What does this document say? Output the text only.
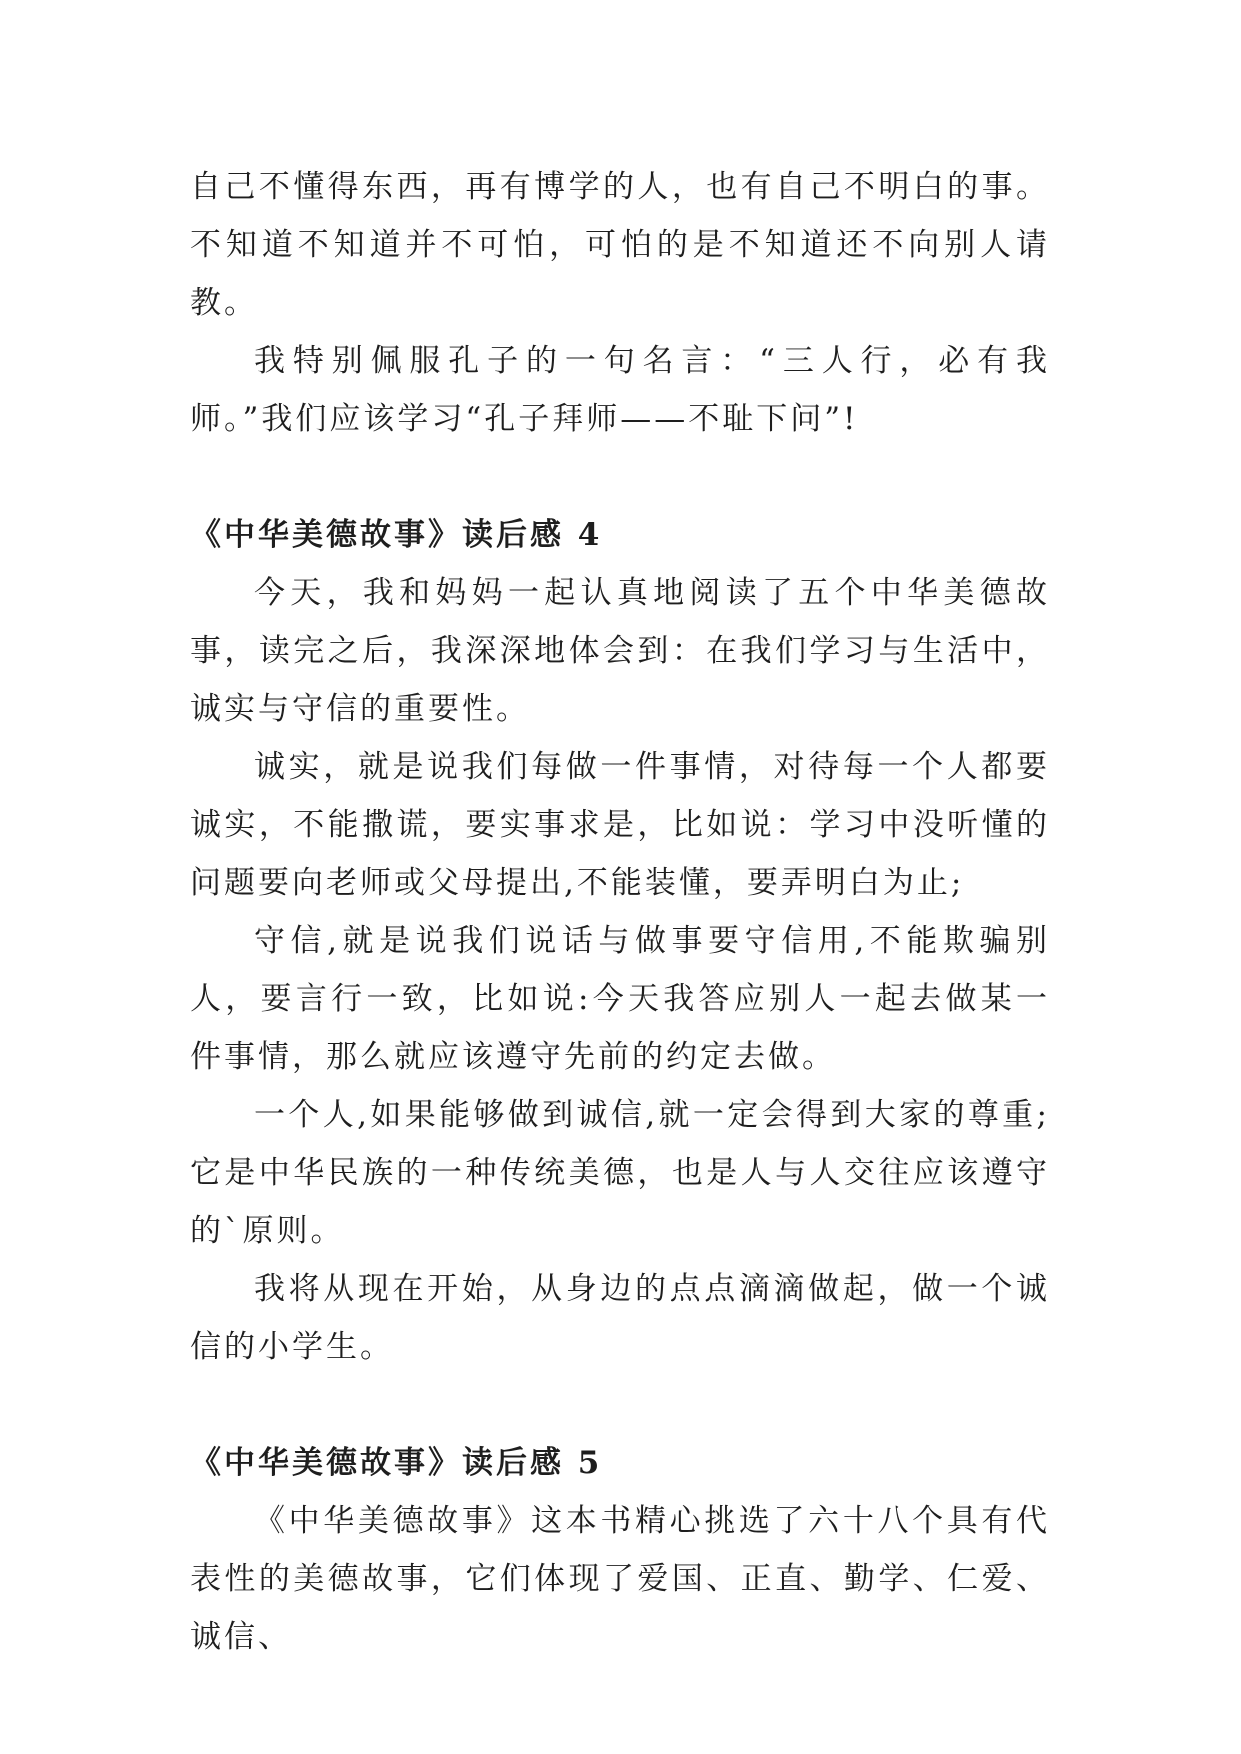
自己不懂得东西，再有博学的人，也有自己不明白的事。不知道不知道并不可怕，可怕的是不知道还不向别人请教。

我特别佩服孔子的一句名言：“三人行，必有我师。”我们应该学习“孔子拜师——不耻下问”!

《中华美德故事》读后感 4

今天，我和妈妈一起认真地阅读了五个中华美德故事，读完之后，我深深地体会到：在我们学习与生活中，诚实与守信的重要性。

诚实，就是说我们每做一件事情，对待每一个人都要诚实，不能撒谎，要实事求是，比如说：学习中没听懂的问题要向老师或父母提出,不能装懂，要弄明白为止;

守信,就是说我们说话与做事要守信用,不能欺骗别人，要言行一致，比如说:今天我答应别人一起去做某一件事情，那么就应该遵守先前的约定去做。

一个人,如果能够做到诚信,就一定会得到大家的尊重;它是中华民族的一种传统美德，也是人与人交往应该遵守的`原则。

我将从现在开始，从身边的点点滴滴做起，做一个诚信的小学生。

《中华美德故事》读后感 5

《中华美德故事》这本书精心挑选了六十八个具有代表性的美德故事，它们体现了爱国、正直、勤学、仁爱、诚信、
